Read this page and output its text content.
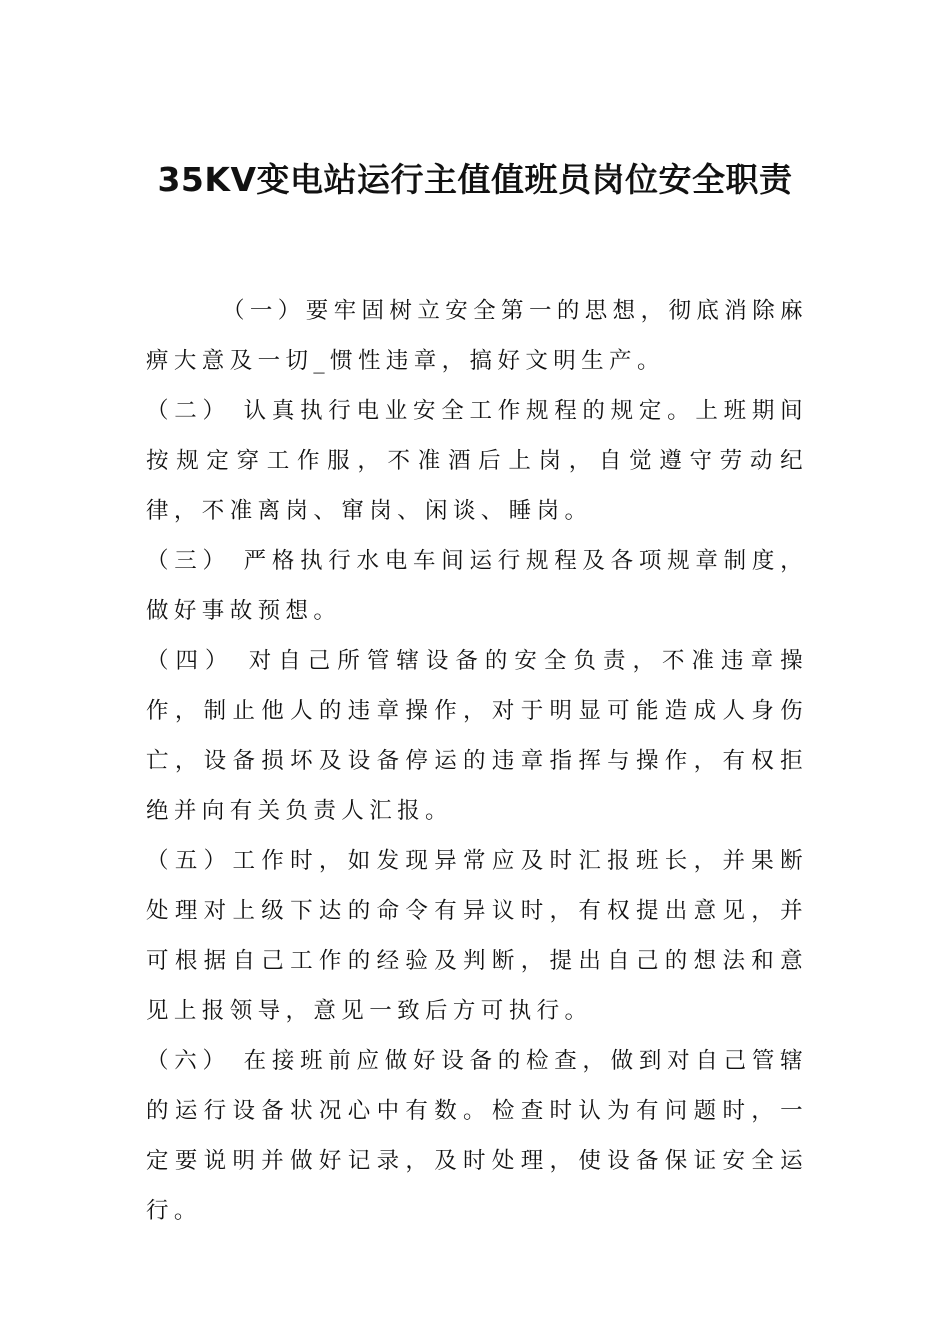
35KV变电站运行主值值班员岗位安全职责

（一）要牢固树立安全第一的思想，彻底消除麻痹大意及一切_惯性违章，搞好文明生产。

（二） 认真执行电业安全工作规程的规定。上班期间按规定穿工作服，不准酒后上岗，自觉遵守劳动纪律，不准离岗、窜岗、闲谈、睡岗。

（三） 严格执行水电车间运行规程及各项规章制度，做好事故预想。

（四） 对自己所管辖设备的安全负责，不准违章操作，制止他人的违章操作，对于明显可能造成人身伤亡，设备损坏及设备停运的违章指挥与操作，有权拒绝并向有关负责人汇报。

（五）工作时，如发现异常应及时汇报班长，并果断处理对上级下达的命令有异议时，有权提出意见，并可根据自己工作的经验及判断，提出自己的想法和意见上报领导，意见一致后方可执行。

（六） 在接班前应做好设备的检查，做到对自己管辖的运行设备状况心中有数。检查时认为有问题时，一定要说明并做好记录，及时处理，使设备保证安全运行。
